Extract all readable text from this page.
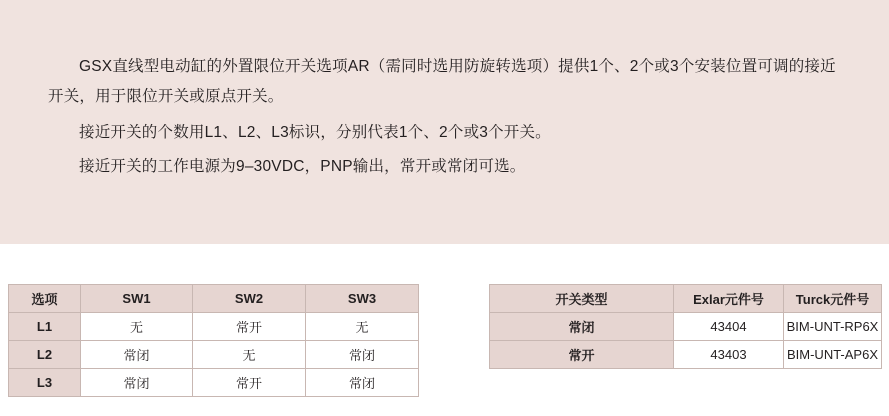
GSX直线型电动缸的外置限位开关选项AR（需同时选用防旋转选项）提供1个、2个或3个安装位置可调的接近开关，用于限位开关或原点开关。

接近开关的个数用L1、L2、L3标识，分别代表1个、2个或3个开关。

接近开关的工作电源为9–30VDC，PNP输出，常开或常闭可选。

选项	SW1	SW2	SW3
L1	无	常开	无
L2	常闭	无	常闭
L3	常闭	常开	常闭
开关类型	Exlar元件号	Turck元件号
常闭	43404	BIM-UNT-RP6X
常开	43403	BIM-UNT-AP6X
